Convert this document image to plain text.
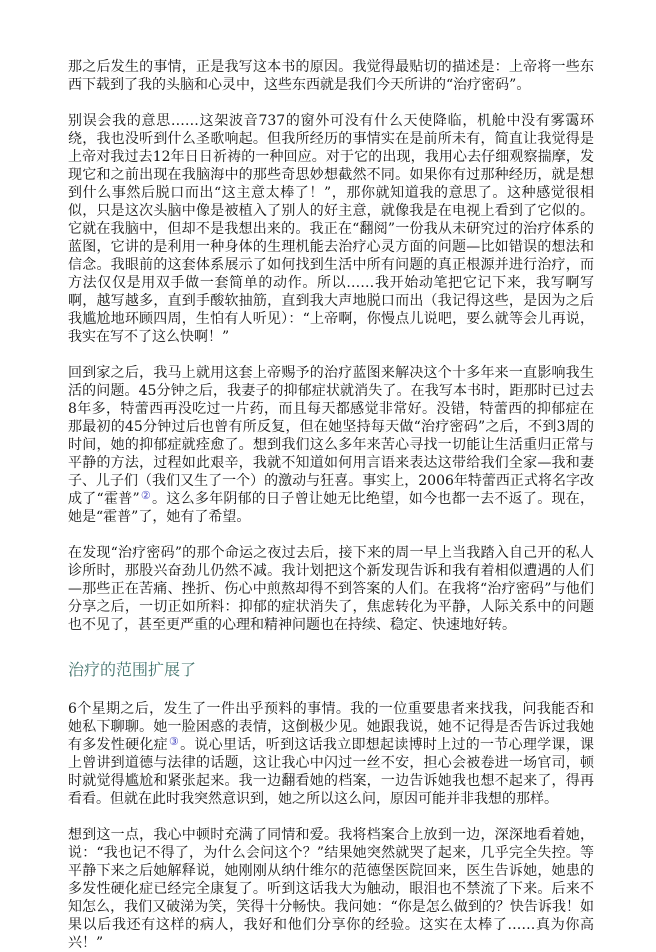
那之后发生的事情，正是我写这本书的原因。我觉得最贴切的描述是：上帝将一些东西下载到了我的头脑和心灵中，这些东西就是我们今天所讲的“治疗密码”。

别误会我的意思……这架波音737的窗外可没有什么天使降临，机舱中没有雾霭环绕，我也没听到什么圣歌响起。但我所经历的事情实在是前所未有，简直让我觉得是上帝对我过去12年日日祈祷的一种回应。对于它的出现，我用心去仔细观察揣摩，发现它和之前出现在我脑海中的那些奇思妙想截然不同。如果你有过那种经历，就是想到什么事然后脱口而出“这主意太棒了！”，那你就知道我的意思了。这种感觉很相似，只是这次头脑中像是被植入了别人的好主意，就像我是在电视上看到了它似的。它就在我脑中，但却不是我想出来的。我正在“翻阅”一份我从未研究过的治疗体系的蓝图，它讲的是利用一种身体的生理机能去治疗心灵方面的问题—比如错误的想法和信念。我眼前的这套体系展示了如何找到生活中所有问题的真正根源并进行治疗，而方法仅仅是用双手做一套简单的动作。所以……我开始动笔把它记下来，我写啊写啊，越写越多，直到手酸软抽筋，直到我大声地脱口而出（我记得这些，是因为之后我尴尬地环顾四周，生怕有人听见）：“上帝啊，你慢点儿说吧，要么就等会儿再说，我实在写不了这么快啊！”

回到家之后，我马上就用这套上帝赐予的治疗蓝图来解决这个十多年来一直影响我生活的问题。45分钟之后，我妻子的抑郁症状就消失了。在我写本书时，距那时已过去8年多，特蕾西再没吃过一片药，而且每天都感觉非常好。没错，特蕾西的抑郁症在那最初的45分钟过后也曾有所反复，但在她坚持每天做“治疗密码”之后，不到3周的时间，她的抑郁症就痊愈了。想到我们这么多年来苦心寻找一切能让生活重归正常与平静的方法，过程如此艰辛，我就不知道如何用言语来表达这带给我们全家—我和妻子、儿子们（我们又生了一个）的激动与狂喜。事实上，2006年特蕾西正式将名字改成了“霍普”②。这么多年阴郁的日子曾让她无比绝望，如今也都一去不返了。现在，她是“霍普”了，她有了希望。

在发现“治疗密码”的那个命运之夜过去后，接下来的周一早上当我踏入自己开的私人诊所时，那股兴奋劲儿仍然不减。我计划把这个新发现告诉和我有着相似遭遇的人们—那些正在苦痛、挫折、伤心中煎熬却得不到答案的人们。在我将“治疗密码”与他们分享之后，一切正如所料：抑郁的症状消失了，焦虑转化为平静，人际关系中的问题也不见了，甚至更严重的心理和精神问题也在持续、稳定、快速地好转。

治疗的范围扩展了

6个星期之后，发生了一件出乎预料的事情。我的一位重要患者来找我，问我能否和她私下聊聊。她一脸困惑的表情，这倒极少见。她跟我说，她不记得是否告诉过我她有多发性硬化症③。说心里话，听到这话我立即想起读博时上过的一节心理学课，课上曾讲到道德与法律的话题，这让我心中闪过一丝不安，担心会被卷进一场官司，顿时就觉得尴尬和紧张起来。我一边翻看她的档案，一边告诉她我也想不起来了，得再看看。但就在此时我突然意识到，她之所以这么问，原因可能并非我想的那样。

想到这一点，我心中顿时充满了同情和爱。我将档案合上放到一边，深深地看着她，说：“我也记不得了，为什么会问这个？”结果她突然就哭了起来，几乎完全失控。等平静下来之后她解释说，她刚刚从纳什维尔的范德堡医院回来，医生告诉她，她患的多发性硬化症已经完全康复了。听到这话我大为触动，眼泪也不禁流了下来。后来不知怎么，我们又破涕为笑，笑得十分畅快。我问她：“你是怎么做到的？快告诉我！如果以后我还有这样的病人，我好和他们分享你的经验。这实在太棒了……真为你高兴！”
